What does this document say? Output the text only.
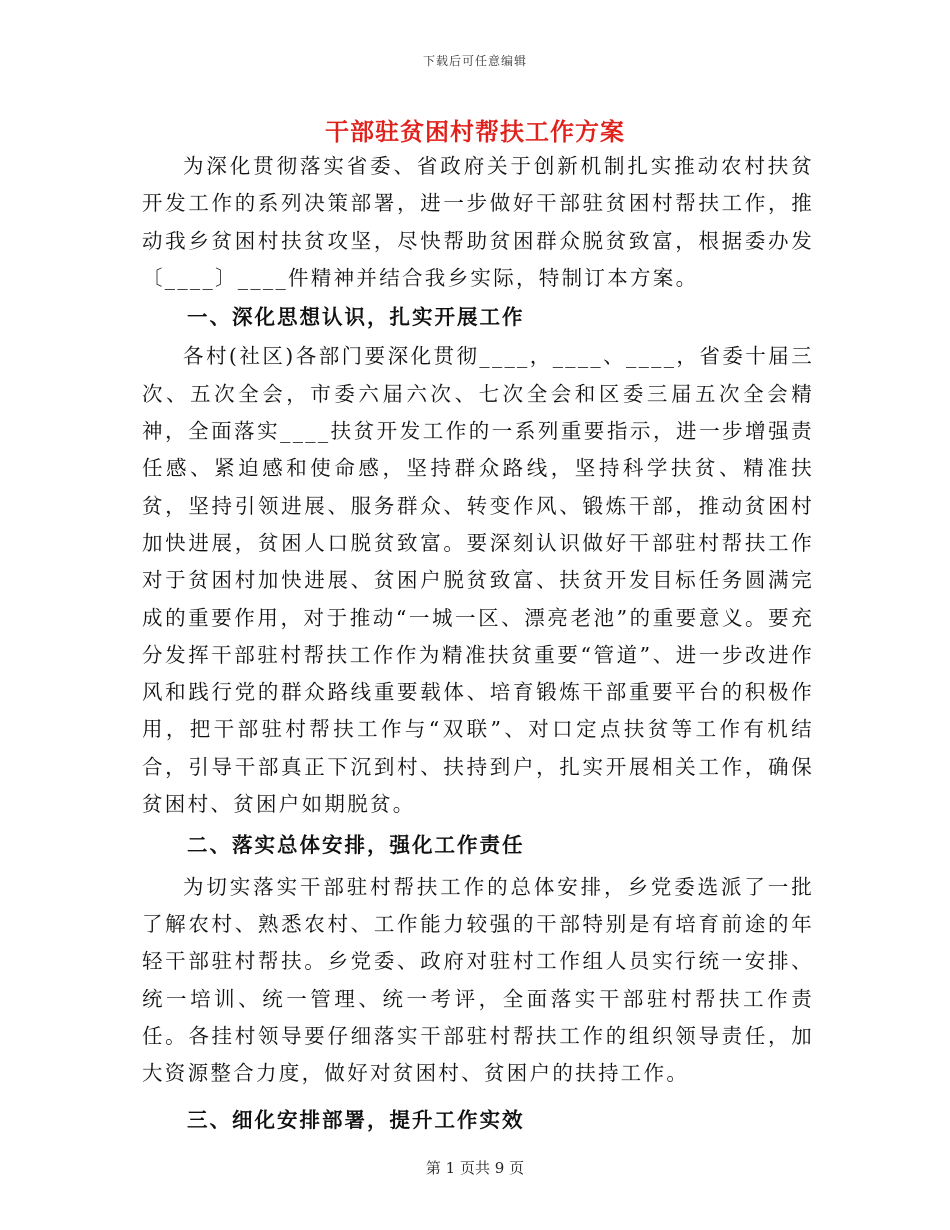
下载后可任意编辑
干部驻贫困村帮扶工作方案

为深化贯彻落实省委、省政府关于创新机制扎实推动农村扶贫开发工作的系列决策部署，进一步做好干部驻贫困村帮扶工作，推动我乡贫困村扶贫攻坚，尽快帮助贫困群众脱贫致富，根据委办发〔____〕____件精神并结合我乡实际，特制订本方案。

一、深化思想认识，扎实开展工作

各村(社区)各部门要深化贯彻____，____、____，省委十届三次、五次全会，市委六届六次、七次全会和区委三届五次全会精神，全面落实____扶贫开发工作的一系列重要指示，进一步增强责任感、紧迫感和使命感，坚持群众路线，坚持科学扶贫、精准扶贫，坚持引领进展、服务群众、转变作风、锻炼干部，推动贫困村加快进展，贫困人口脱贫致富。要深刻认识做好干部驻村帮扶工作对于贫困村加快进展、贫困户脱贫致富、扶贫开发目标任务圆满完成的重要作用，对于推动“一城一区、漂亮老池”的重要意义。要充分发挥干部驻村帮扶工作作为精准扶贫重要“管道”、进一步改进作风和践行党的群众路线重要载体、培育锻炼干部重要平台的积极作用，把干部驻村帮扶工作与“双联”、对口定点扶贫等工作有机结合，引导干部真正下沉到村、扶持到户，扎实开展相关工作，确保贫困村、贫困户如期脱贫。

二、落实总体安排，强化工作责任

为切实落实干部驻村帮扶工作的总体安排，乡党委选派了一批了解农村、熟悉农村、工作能力较强的干部特别是有培育前途的年轻干部驻村帮扶。乡党委、政府对驻村工作组人员实行统一安排、统一培训、统一管理、统一考评，全面落实干部驻村帮扶工作责任。各挂村领导要仔细落实干部驻村帮扶工作的组织领导责任，加大资源整合力度，做好对贫困村、贫困户的扶持工作。

三、细化安排部署，提升工作实效
第 1 页共 9 页
